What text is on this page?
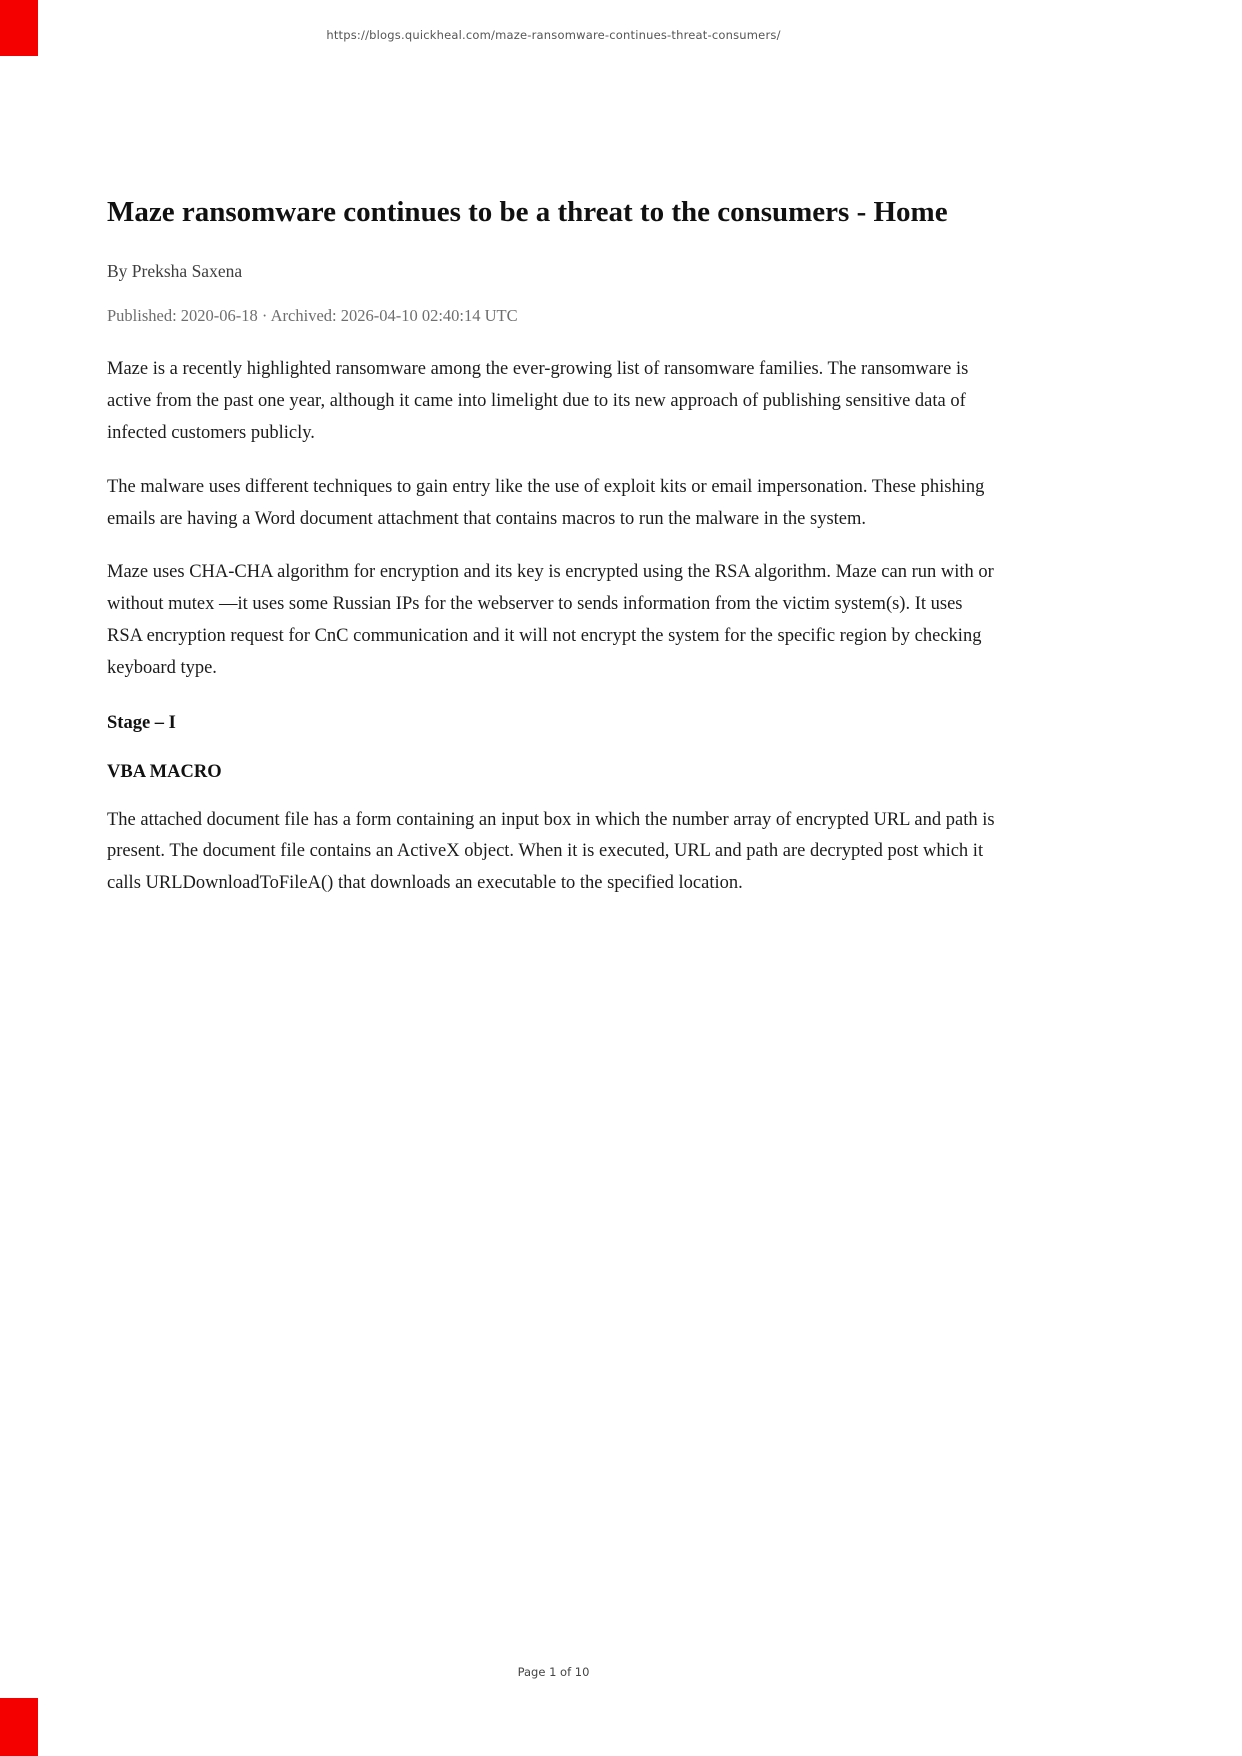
https://blogs.quickheal.com/maze-ransomware-continues-threat-consumers/
Maze ransomware continues to be a threat to the consumers - Home
By Preksha Saxena
Published: 2020-06-18 · Archived: 2026-04-10 02:40:14 UTC

Maze is a recently highlighted ransomware among the ever-growing list of ransomware families. The ransomware is active from the past one year, although it came into limelight due to its new approach of publishing sensitive data of infected customers publicly.

The malware uses different techniques to gain entry like the use of exploit kits or email impersonation. These phishing emails are having a Word document attachment that contains macros to run the malware in the system.

Maze uses CHA-CHA algorithm for encryption and its key is encrypted using the RSA algorithm. Maze can run with or without mutex —it uses some Russian IPs for the webserver to sends information from the victim system(s). It uses RSA encryption request for CnC communication and it will not encrypt the system for the specific region by checking keyboard type.

Stage – I
VBA MACRO

The attached document file has a form containing an input box in which the number array of encrypted URL and path is present. The document file contains an ActiveX object. When it is executed, URL and path are decrypted post which it calls URLDownloadToFileA() that downloads an executable to the specified location.

Page 1 of 10
